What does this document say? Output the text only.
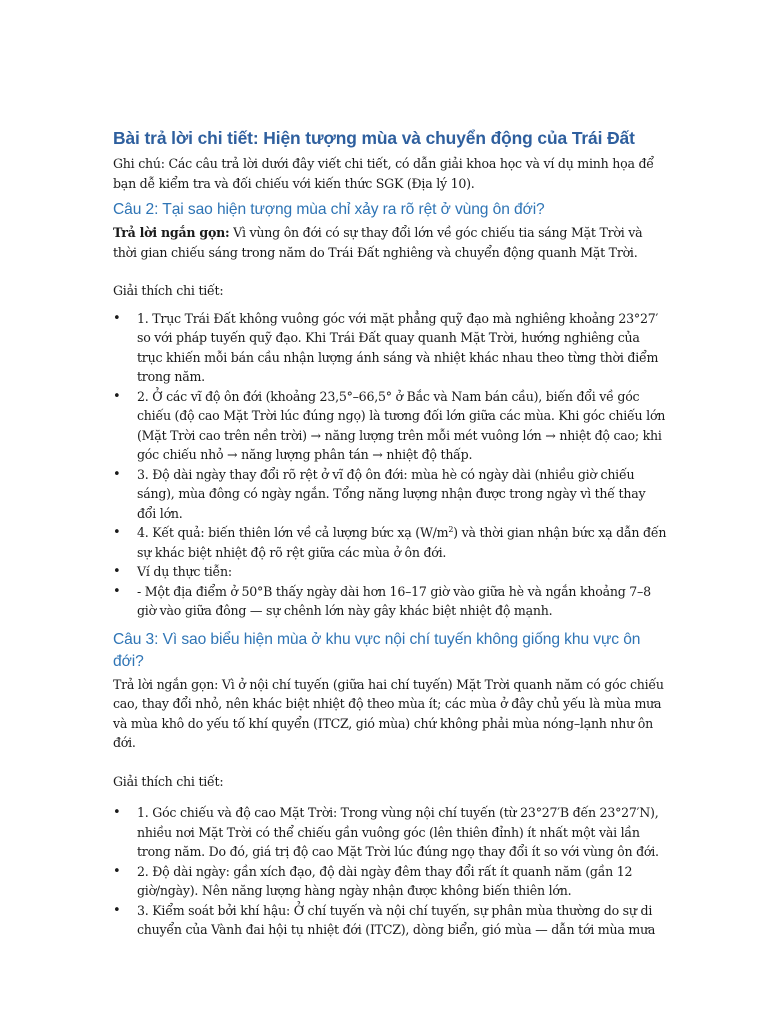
Bài trả lời chi tiết: Hiện tượng mùa và chuyển động của Trái Đất

Ghi chú: Các câu trả lời dưới đây viết chi tiết, có dẫn giải khoa học và ví dụ minh họa để bạn dễ kiểm tra và đối chiếu với kiến thức SGK (Địa lý 10).

Câu 2: Tại sao hiện tượng mùa chỉ xảy ra rõ rệt ở vùng ôn đới?

Trả lời ngắn gọn: Vì vùng ôn đới có sự thay đổi lớn về góc chiếu tia sáng Mặt Trời và thời gian chiếu sáng trong năm do Trái Đất nghiêng và chuyển động quanh Mặt Trời.

Giải thích chi tiết:

• 1. Trục Trái Đất không vuông góc với mặt phẳng quỹ đạo mà nghiêng khoảng 23°27′ so với pháp tuyến quỹ đạo. Khi Trái Đất quay quanh Mặt Trời, hướng nghiêng của trục khiến mỗi bán cầu nhận lượng ánh sáng và nhiệt khác nhau theo từng thời điểm trong năm.
• 2. Ở các vĩ độ ôn đới (khoảng 23,5°–66,5° ở Bắc và Nam bán cầu), biến đổi về góc chiếu (độ cao Mặt Trời lúc đúng ngọ) là tương đối lớn giữa các mùa. Khi góc chiếu lớn (Mặt Trời cao trên nền trời) → năng lượng trên mỗi mét vuông lớn → nhiệt độ cao; khi góc chiếu nhỏ → năng lượng phân tán → nhiệt độ thấp.
• 3. Độ dài ngày thay đổi rõ rệt ở vĩ độ ôn đới: mùa hè có ngày dài (nhiều giờ chiếu sáng), mùa đông có ngày ngắn. Tổng năng lượng nhận được trong ngày vì thế thay đổi lớn.
• 4. Kết quả: biến thiên lớn về cả lượng bức xạ $(W/m^2)$ và thời gian nhận bức xạ dẫn đến sự khác biệt nhiệt độ rõ rệt giữa các mùa ở ôn đới.
• Ví dụ thực tiễn:
• - Một địa điểm ở 50°B thấy ngày dài hơn 16–17 giờ vào giữa hè và ngắn khoảng 7–8 giờ vào giữa đông — sự chênh lớn này gây khác biệt nhiệt độ mạnh.
Câu 3: Vì sao biểu hiện mùa ở khu vực nội chí tuyến không giống khu vực ôn đới?

Trả lời ngắn gọn: Vì ở nội chí tuyến (giữa hai chí tuyến) Mặt Trời quanh năm có góc chiếu cao, thay đổi nhỏ, nên khác biệt nhiệt độ theo mùa ít; các mùa ở đây chủ yếu là mùa mưa và mùa khô do yếu tố khí quyển (ITCZ, gió mùa) chứ không phải mùa nóng–lạnh như ôn đới.

Giải thích chi tiết:

• 1. Góc chiếu và độ cao Mặt Trời: Trong vùng nội chí tuyến (từ 23°27′B đến 23°27′N), nhiều nơi Mặt Trời có thể chiếu gần vuông góc (lên thiên đỉnh) ít nhất một vài lần trong năm. Do đó, giá trị độ cao Mặt Trời lúc đúng ngọ thay đổi ít so với vùng ôn đới.
• 2. Độ dài ngày: gần xích đạo, độ dài ngày đêm thay đổi rất ít quanh năm (gần 12 giờ/ngày). Nên năng lượng hàng ngày nhận được không biến thiên lớn.
• 3. Kiểm soát bởi khí hậu: Ở chí tuyến và nội chí tuyến, sự phân mùa thường do sự di chuyển của Vành đai hội tụ nhiệt đới (ITCZ), dòng biển, gió mùa — dẫn tới mùa mưa
